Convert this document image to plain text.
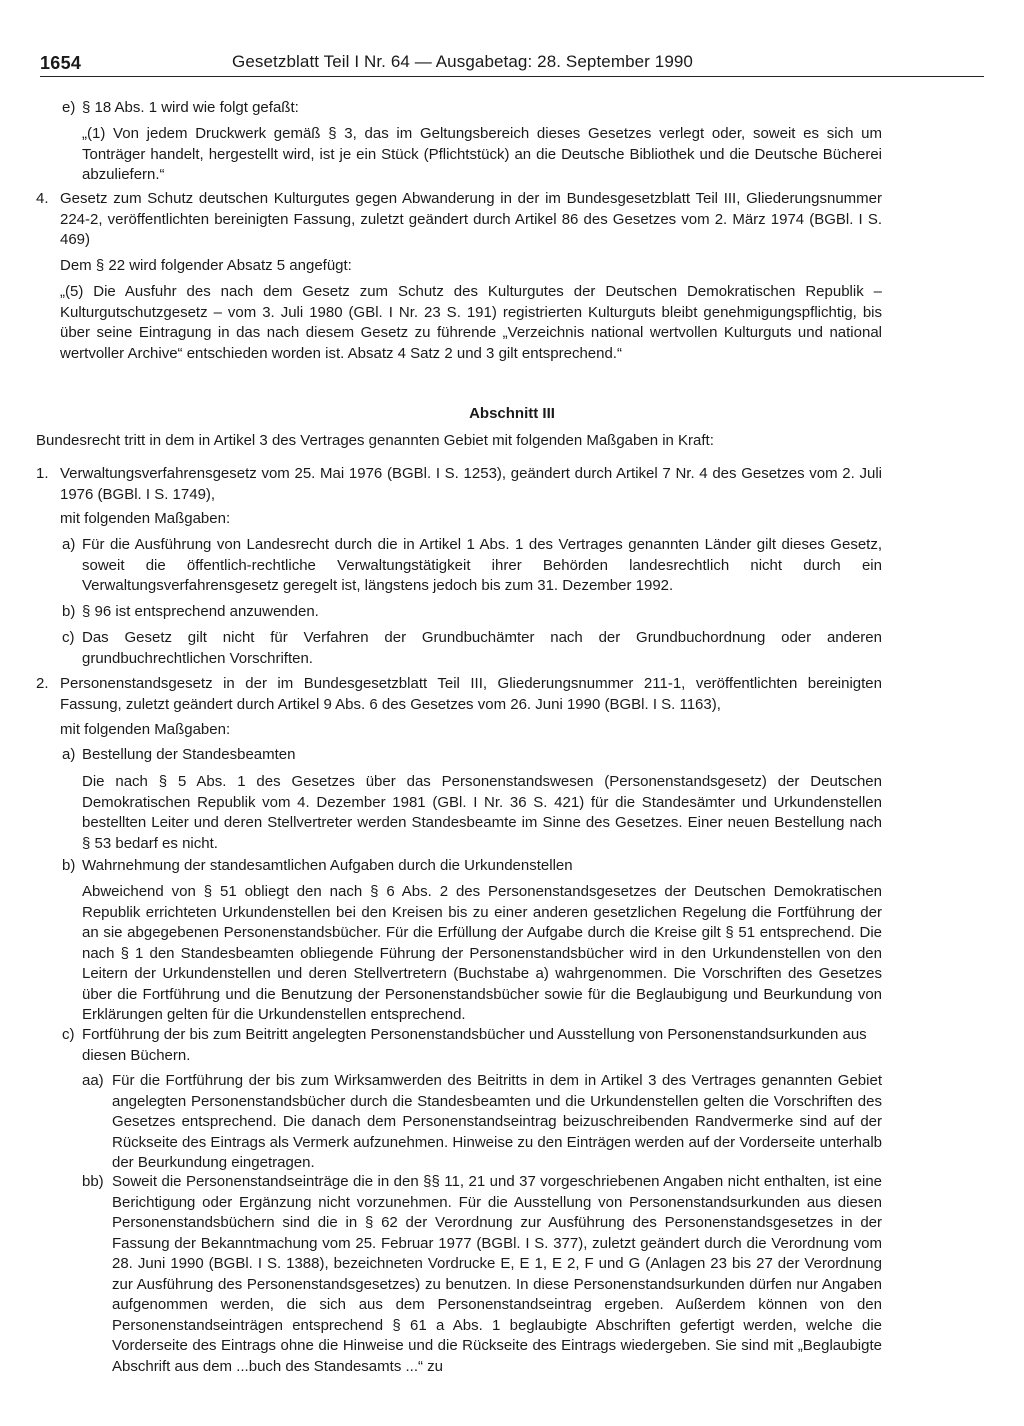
1654	Gesetzblatt Teil I Nr. 64 — Ausgabetag: 28. September 1990
e) § 18 Abs. 1 wird wie folgt gefaßt:
„(1) Von jedem Druckwerk gemäß § 3, das im Geltungsbereich dieses Gesetzes verlegt oder, soweit es sich um Tonträger handelt, hergestellt wird, ist je ein Stück (Pflichtstück) an die Deutsche Bibliothek und die Deutsche Bücherei abzuliefern.“
4. Gesetz zum Schutz deutschen Kulturgutes gegen Abwanderung in der im Bundesgesetzblatt Teil III, Gliederungsnummer 224-2, veröffentlichten bereinigten Fassung, zuletzt geändert durch Artikel 86 des Gesetzes vom 2. März 1974 (BGBl. I S. 469)
Dem § 22 wird folgender Absatz 5 angefügt:
„(5) Die Ausfuhr des nach dem Gesetz zum Schutz des Kulturgutes der Deutschen Demokratischen Republik – Kulturgutschutzgesetz – vom 3. Juli 1980 (GBl. I Nr. 23 S. 191) registrierten Kulturguts bleibt genehmigungspflichtig, bis über seine Eintragung in das nach diesem Gesetz zu führende „Verzeichnis national wertvollen Kulturguts und national wertvoller Archive“ entschieden worden ist. Absatz 4 Satz 2 und 3 gilt entsprechend.“
Abschnitt III
Bundesrecht tritt in dem in Artikel 3 des Vertrages genannten Gebiet mit folgenden Maßgaben in Kraft:
1. Verwaltungsverfahrensgesetz vom 25. Mai 1976 (BGBl. I S. 1253), geändert durch Artikel 7 Nr. 4 des Gesetzes vom 2. Juli 1976 (BGBl. I S. 1749),
mit folgenden Maßgaben:
a) Für die Ausführung von Landesrecht durch die in Artikel 1 Abs. 1 des Vertrages genannten Länder gilt dieses Gesetz, soweit die öffentlich-rechtliche Verwaltungstätigkeit ihrer Behörden landesrechtlich nicht durch ein Verwaltungsverfahrensgesetz geregelt ist, längstens jedoch bis zum 31. Dezember 1992.
b) § 96 ist entsprechend anzuwenden.
c) Das Gesetz gilt nicht für Verfahren der Grundbuchämter nach der Grundbuchordnung oder anderen grundbuchrechtlichen Vorschriften.
2. Personenstandsgesetz in der im Bundesgesetzblatt Teil III, Gliederungsnummer 211-1, veröffentlichten bereinigten Fassung, zuletzt geändert durch Artikel 9 Abs. 6 des Gesetzes vom 26. Juni 1990 (BGBl. I S. 1163),
mit folgenden Maßgaben:
a) Bestellung der Standesbeamten
Die nach § 5 Abs. 1 des Gesetzes über das Personenstandswesen (Personenstandsgesetz) der Deutschen Demokratischen Republik vom 4. Dezember 1981 (GBl. I Nr. 36 S. 421) für die Standesämter und Urkundenstellen bestellten Leiter und deren Stellvertreter werden Standesbeamte im Sinne des Gesetzes. Einer neuen Bestellung nach § 53 bedarf es nicht.
b) Wahrnehmung der standesamtlichen Aufgaben durch die Urkundenstellen
Abweichend von § 51 obliegt den nach § 6 Abs. 2 des Personenstandsgesetzes der Deutschen Demokratischen Republik errichteten Urkundenstellen bei den Kreisen bis zu einer anderen gesetzlichen Regelung die Fortführung der an sie abgegebenen Personenstandsbücher. Für die Erfüllung der Aufgabe durch die Kreise gilt § 51 entsprechend. Die nach § 1 den Standesbeamten obliegende Führung der Personenstandsbücher wird in den Urkundenstellen von den Leitern der Urkundenstellen und deren Stellvertretern (Buchstabe a) wahrgenommen. Die Vorschriften des Gesetzes über die Fortführung und die Benutzung der Personenstandsbücher sowie für die Beglaubigung und Beurkundung von Erklärungen gelten für die Urkundenstellen entsprechend.
c) Fortführung der bis zum Beitritt angelegten Personenstandsbücher und Ausstellung von Personenstandsurkunden aus diesen Büchern.
aa) Für die Fortführung der bis zum Wirksamwerden des Beitritts in dem in Artikel 3 des Vertrages genannten Gebiet angelegten Personenstandsbücher durch die Standesbeamten und die Urkundenstellen gelten die Vorschriften des Gesetzes entsprechend. Die danach dem Personenstandseintrag beizuschreibenden Randvermerke sind auf der Rückseite des Eintrags als Vermerk aufzunehmen. Hinweise zu den Einträgen werden auf der Vorderseite unterhalb der Beurkundung eingetragen.
bb) Soweit die Personenstandseinträge die in den §§ 11, 21 und 37 vorgeschriebenen Angaben nicht enthalten, ist eine Berichtigung oder Ergänzung nicht vorzunehmen. Für die Ausstellung von Personenstandsurkunden aus diesen Personenstandsbüchern sind die in § 62 der Verordnung zur Ausführung des Personenstandsgesetzes in der Fassung der Bekanntmachung vom 25. Februar 1977 (BGBl. I S. 377), zuletzt geändert durch die Verordnung vom 28. Juni 1990 (BGBl. I S. 1388), bezeichneten Vordrucke E, E 1, E 2, F und G (Anlagen 23 bis 27 der Verordnung zur Ausführung des Personenstandsgesetzes) zu benutzen. In diese Personenstandsurkunden dürfen nur Angaben aufgenommen werden, die sich aus dem Personenstandseintrag ergeben. Außerdem können von den Personenstandseinträgen entsprechend § 61 a Abs. 1 beglaubigte Abschriften gefertigt werden, welche die Vorderseite des Eintrags ohne die Hinweise und die Rückseite des Eintrags wiedergeben. Sie sind mit „Beglaubigte Abschrift aus dem ...buch des Standesamts ...“ zu
